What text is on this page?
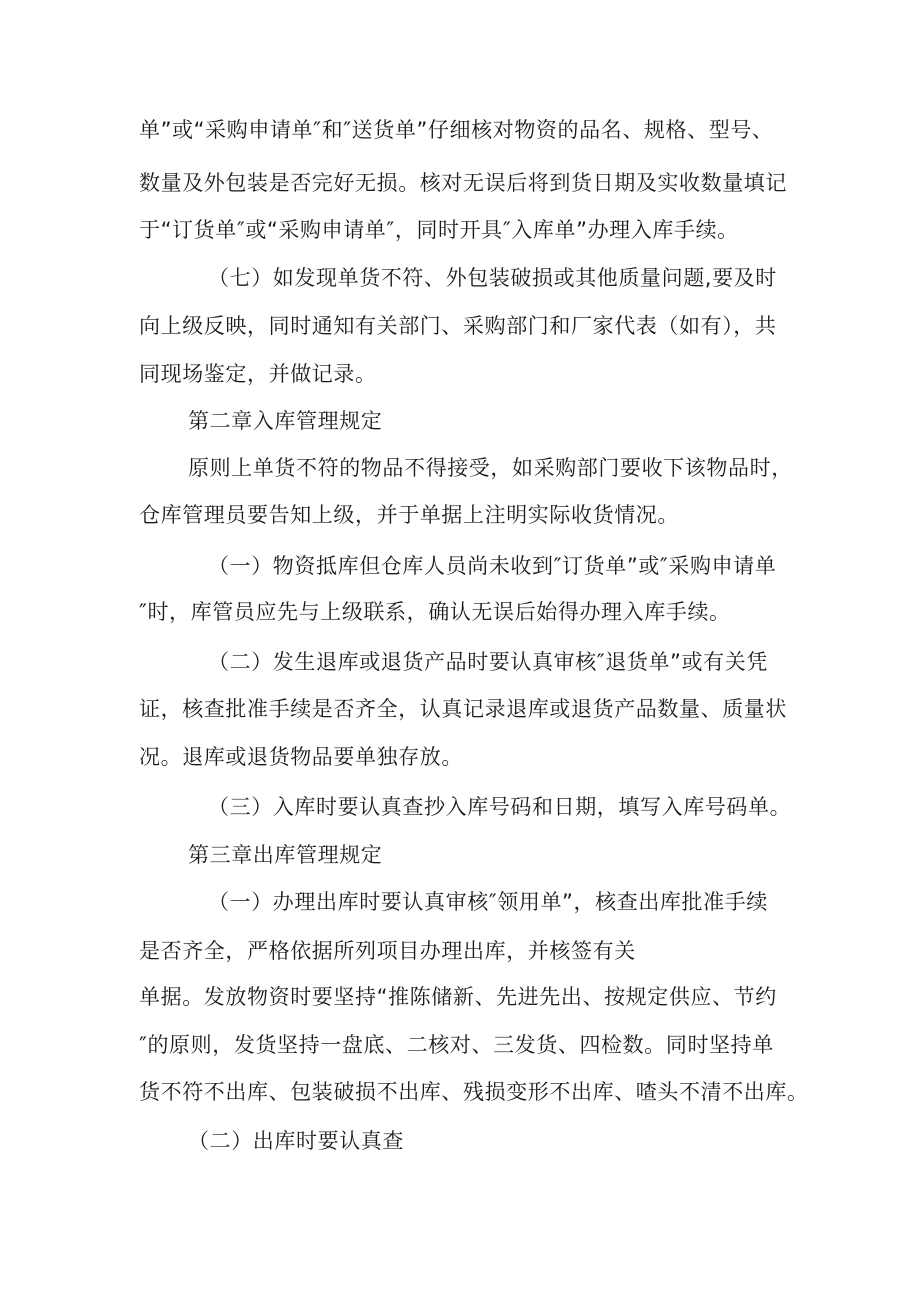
单”或“采购申请单″和″送货单”仔细核对物资的品名、规格、型号、
数量及外包装是否完好无损。核对无误后将到货日期及实收数量填记
于“订货单″或“采购申请单″，同时开具″入库单”办理入库手续。
（七）如发现单货不符、外包装破损或其他质量问题,要及时
向上级反映，同时通知有关部门、采购部门和厂家代表（如有），共
同现场鉴定，并做记录。
第二章入库管理规定
原则上单货不符的物品不得接受，如采购部门要收下该物品时，
仓库管理员要告知上级，并于单据上注明实际收货情况。
（一）物资抵库但仓库人员尚未收到″订货单”或″采购申请单
″时，库管员应先与上级联系，确认无误后始得办理入库手续。
（二）发生退库或退货产品时要认真审核″退货单”或有关凭
证，核查批准手续是否齐全，认真记录退库或退货产品数量、质量状
况。退库或退货物品要单独存放。
（三）入库时要认真查抄入库号码和日期，填写入库号码单。
第三章出库管理规定
（一）办理出库时要认真审核″领用单”，核查出库批准手续
是否齐全，严格依据所列项目办理出库，并核签有关
单据。发放物资时要坚持“推陈储新、先进先出、按规定供应、节约
″的原则，发货坚持一盘底、二核对、三发货、四检数。同时坚持单
货不符不出库、包装破损不出库、残损变形不出库、喳头不清不出库。
（二）出库时要认真查
